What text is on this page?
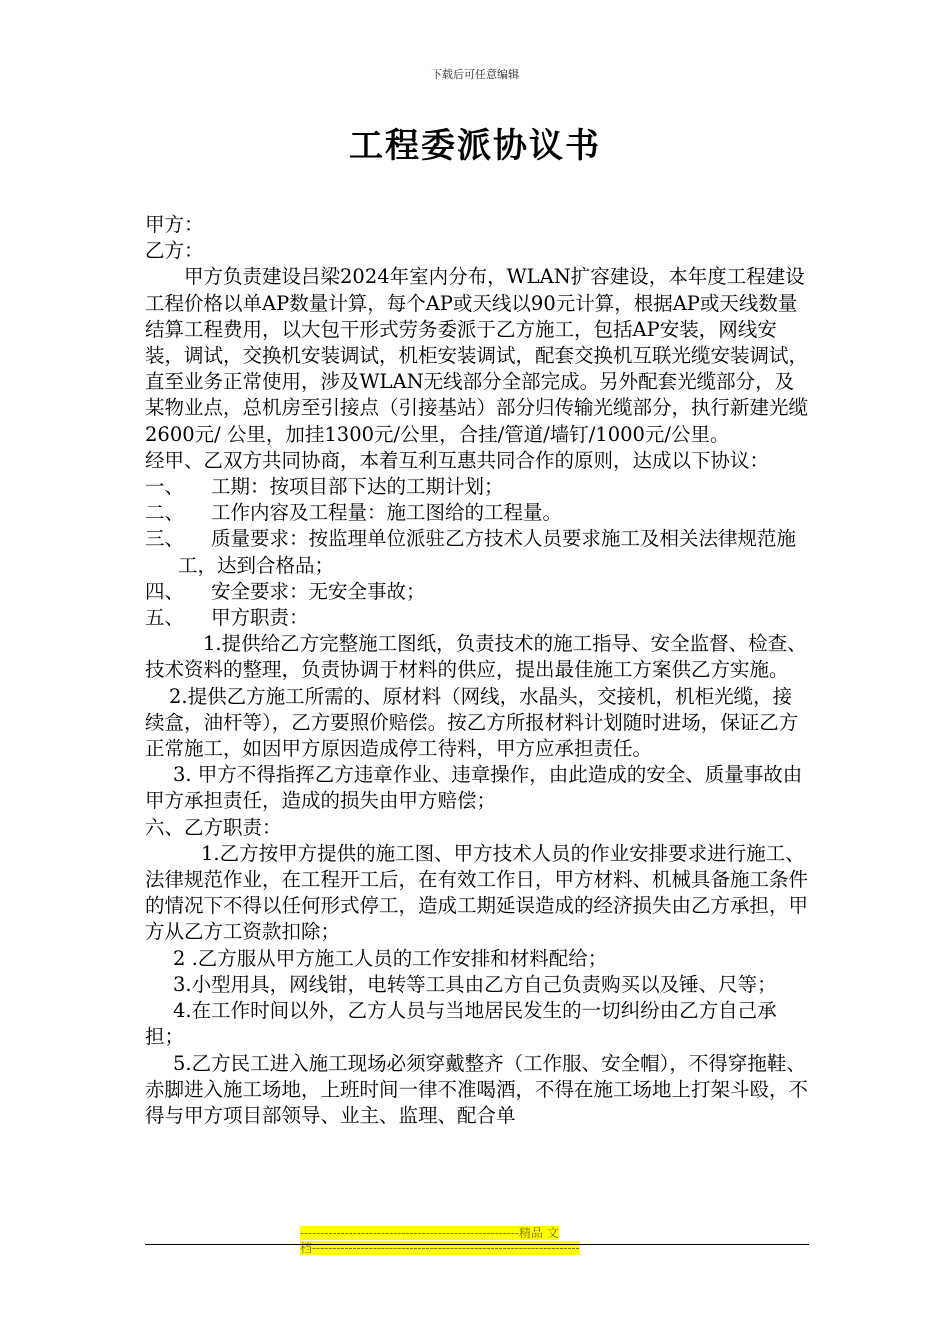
下载后可任意编辑
工程委派协议书

甲方：

乙方：

甲方负责建设吕梁2024年室内分布，WLAN扩容建设，本年度工程建设工程价格以单AP数量计算，每个AP或天线以90元计算，根据AP或天线数量结算工程费用，以大包干形式劳务委派于乙方施工，包括AP安装，网线安装，调试，交换机安装调试，机柜安装调试，配套交换机互联光缆安装调试，直至业务正常使用，涉及WLAN无线部分全部完成。另外配套光缆部分，及某物业点，总机房至引接点（引接基站）部分归传输光缆部分，执行新建光缆2600元/ 公里，加挂1300元/公里，合挂/管道/墙钉/1000元/公里。

经甲、乙双方共同协商，本着互利互惠共同合作的原则，达成以下协议：

一、	工期：按项目部下达的工期计划；
二、	工作内容及工程量：施工图给的工程量。

三、 质量要求：按监理单位派驻乙方技术人员要求施工及相关法律规范施工，达到合格品；

四、	安全要求：无安全事故；
五、	甲方职责：

1.提供给乙方完整施工图纸，负责技术的施工指导、安全监督、检查、技术资料的整理，负责协调于材料的供应，提出最佳施工方案供乙方实施。

2.提供乙方施工所需的、原材料（网线，水晶头，交接机，机柜光缆，接续盒，油杆等），乙方要照价赔偿。按乙方所报材料计划随时进场，保证乙方正常施工，如因甲方原因造成停工待料，甲方应承担责任。

3. 甲方不得指挥乙方违章作业、违章操作，由此造成的安全、质量事故由甲方承担责任，造成的损失由甲方赔偿；

六、乙方职责：

1.乙方按甲方提供的施工图、甲方技术人员的作业安排要求进行施工、法律规范作业，在工程开工后，在有效工作日，甲方材料、机械具备施工条件的情况下不得以任何形式停工，造成工期延误造成的经济损失由乙方承担，甲方从乙方工资款扣除；

2 .乙方服从甲方施工人员的工作安排和材料配给；

3.小型用具，网线钳，电转等工具由乙方自己负责购买以及锤、尺等；

4.在工作时间以外，乙方人员与当地居民发生的一切纠纷由乙方自己承担；

5.乙方民工进入施工现场必须穿戴整齐（工作服、安全帽），不得穿拖鞋、赤脚进入施工场地，上班时间一律不准喝酒，不得在施工场地上打架斗殴，不得与甲方项目部领导、业主、监理、配合单

------------------------------------------------------精品 文
档------------------------------------------------------------------
